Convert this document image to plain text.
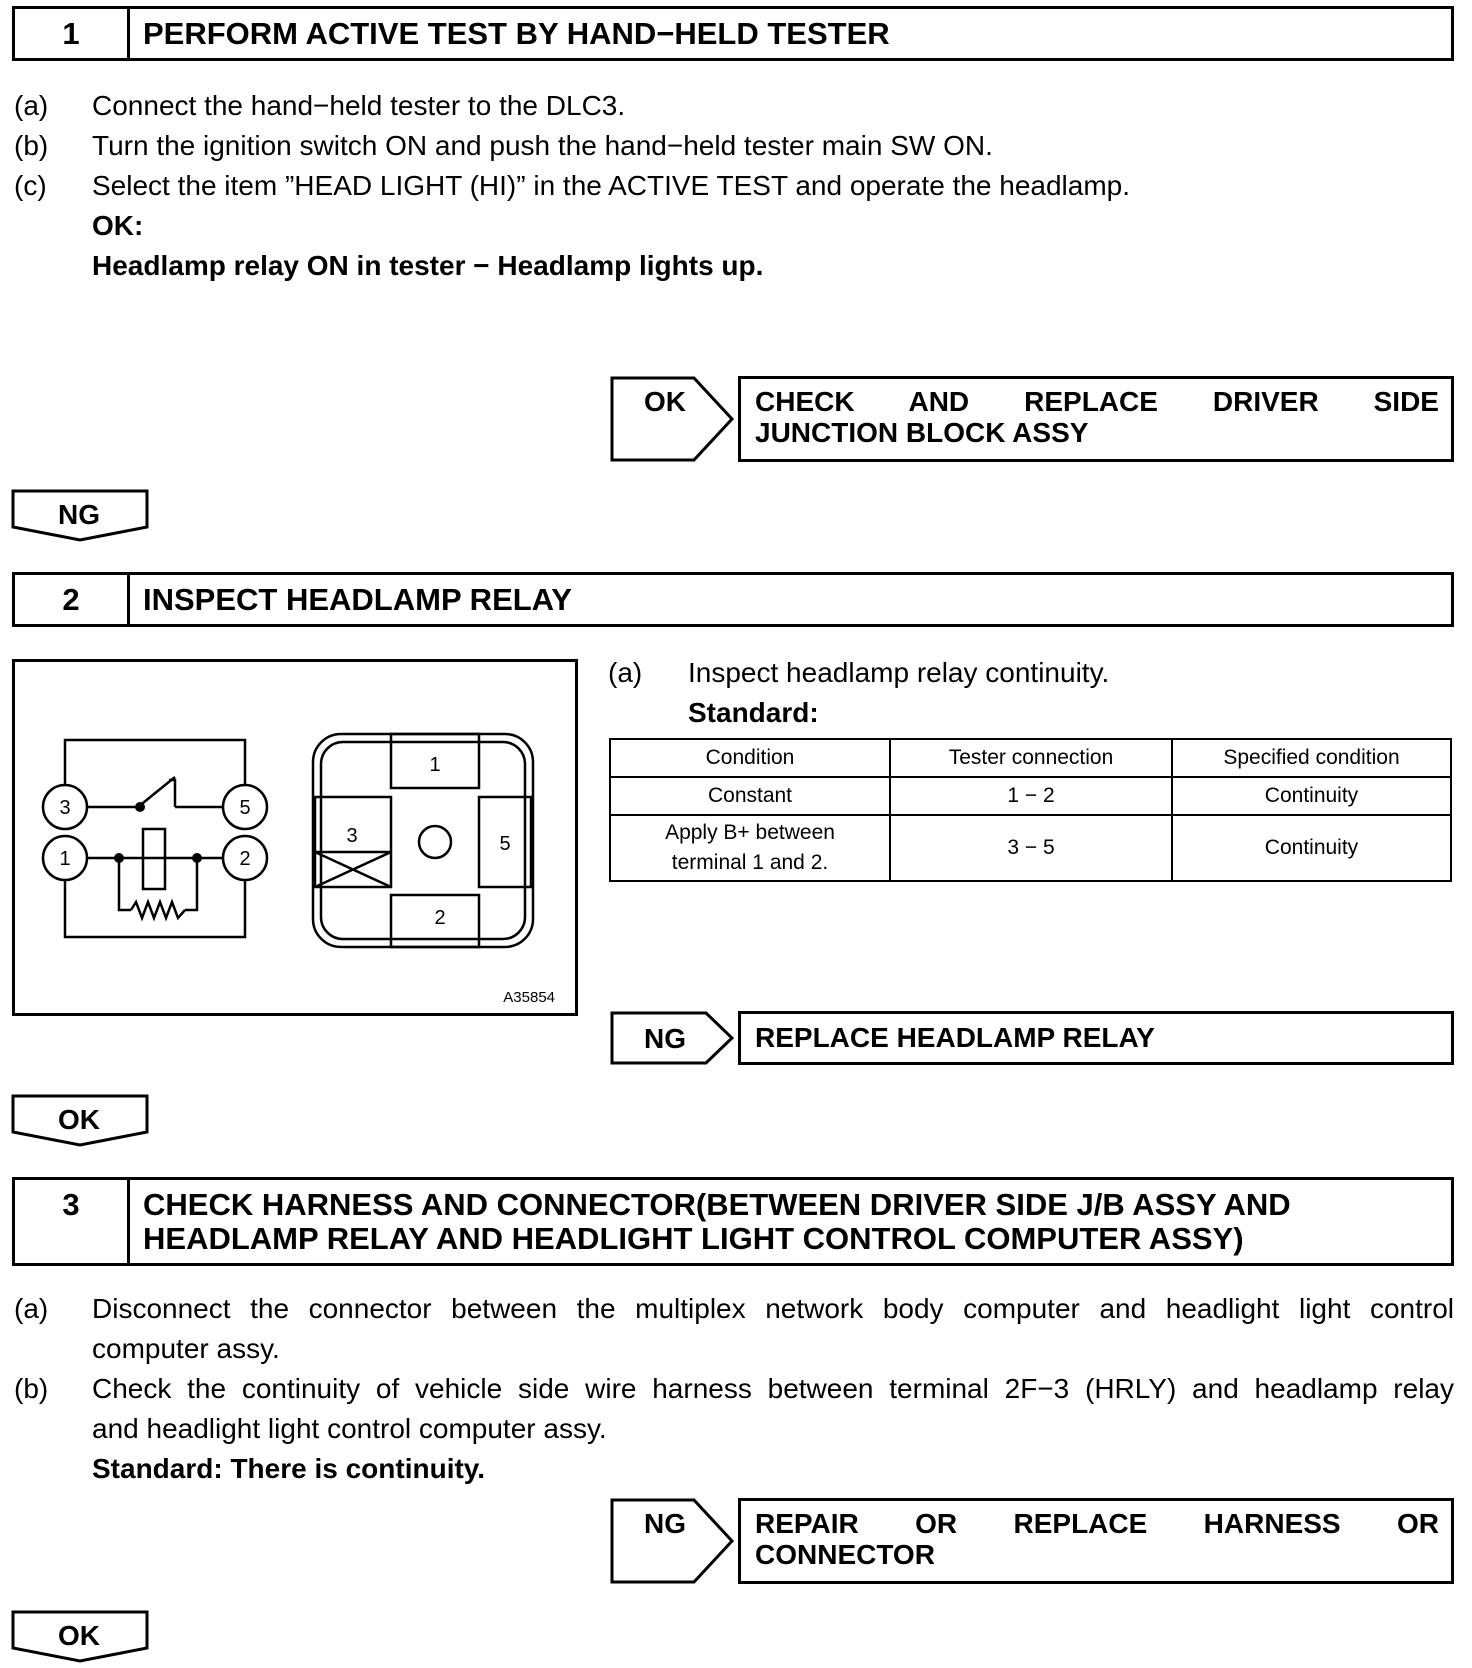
1	PERFORM ACTIVE TEST BY HAND−HELD TESTER
(a) Connect the hand−held tester to the DLC3.
(b) Turn the ignition switch ON and push the hand−held tester main SW ON.
(c) Select the item ”HEAD LIGHT (HI)” in the ACTIVE TEST and operate the headlamp.
OK:
Headlamp relay ON in tester − Headlamp lights up.
OK CHECK AND REPLACE DRIVER SIDE
JUNCTION BLOCK ASSY
NG
2	INSPECT HEADLAMP RELAY
3	5
1	2
1
3	5
2
A35854
(a) Inspect headlamp relay continuity.
Standard:
Condition	Tester connection	Specified condition
Constant	1 − 2	Continuity

Apply B+ between
terminal 1 and 2.	3 − 5	Continuity
NG REPLACE HEADLAMP RELAY
OK
3	CHECK HARNESS AND CONNECTOR(BETWEEN DRIVER SIDE J/B ASSY AND
HEADLAMP RELAY AND HEADLIGHT LIGHT CONTROL COMPUTER ASSY)
(a) Disconnect the connector between the multiplex network body computer and headlight light control
computer assy.
(b) Check the continuity of vehicle side wire harness between terminal 2F−3 (HRLY) and headlamp relay
and headlight light control computer assy.
Standard: There is continuity.
NG REPAIR OR REPLACE HARNESS OR
CONNECTOR
OK
